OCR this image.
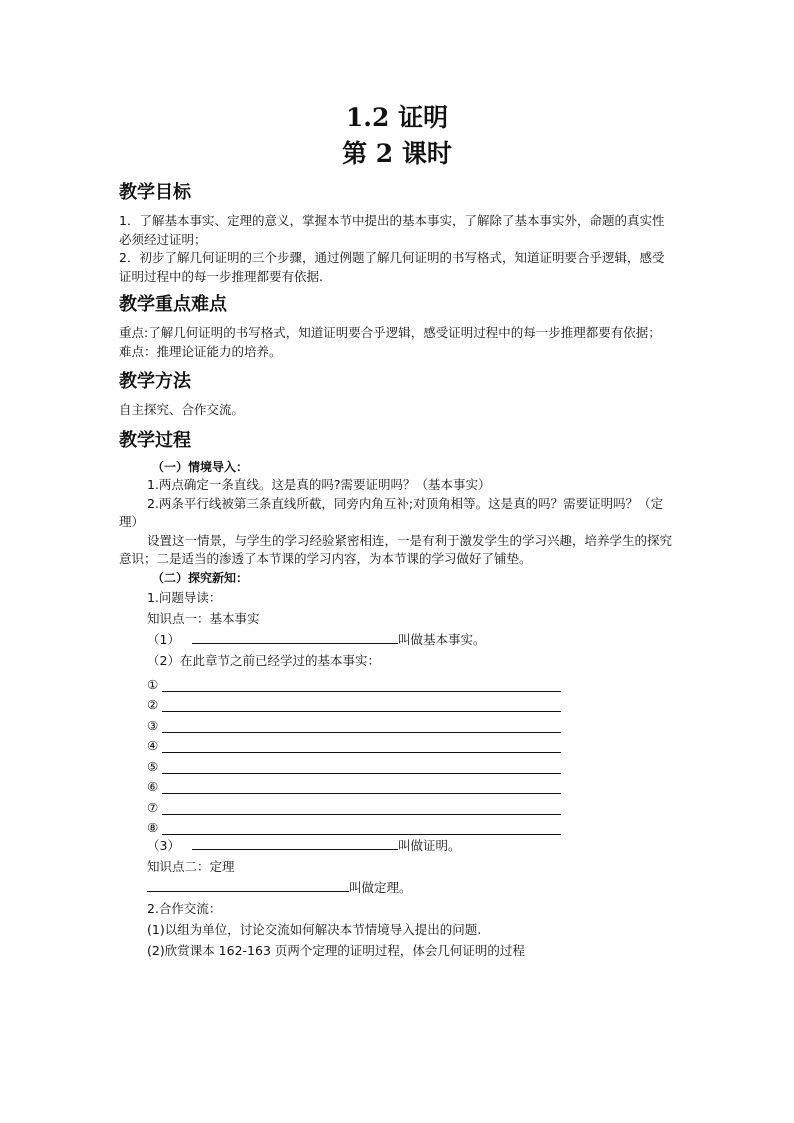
1.2 证明
第 2 课时
教学目标

1．了解基本事实、定理的意义，掌握本节中提出的基本事实，了解除了基本事实外，命题的真实性必须经过证明；

2．初步了解几何证明的三个步骤，通过例题了解几何证明的书写格式，知道证明要合乎逻辑，感受证明过程中的每一步推理都要有依据.

教学重点难点

重点:了解几何证明的书写格式，知道证明要合乎逻辑，感受证明过程中的每一步推理都要有依据；

难点：推理论证能力的培养。

教学方法

自主探究、合作交流。

教学过程

（一）情境导入：

1.两点确定一条直线。这是真的吗?需要证明吗？（基本事实）

2.两条平行线被第三条直线所截，同旁内角互补;对顶角相等。这是真的吗？需要证明吗？（定理）

设置这一情景，与学生的学习经验紧密相连，一是有利于激发学生的学习兴趣，培养学生的探究意识；二是适当的渗透了本节课的学习内容，为本节课的学习做好了铺垫。

（二）探究新知：

1.问题导读：

知识点一：基本事实

（1）	叫做基本事实。

（2）在此章节之前已经学过的基本事实：

①
②
③
④
⑤
⑥
⑦
⑧

（3）	叫做证明。

知识点二：定理

叫做定理。

2.合作交流：

(1)以组为单位，讨论交流如何解决本节情境导入提出的问题.

(2)欣赏课本 162-163 页两个定理的证明过程，体会几何证明的过程
